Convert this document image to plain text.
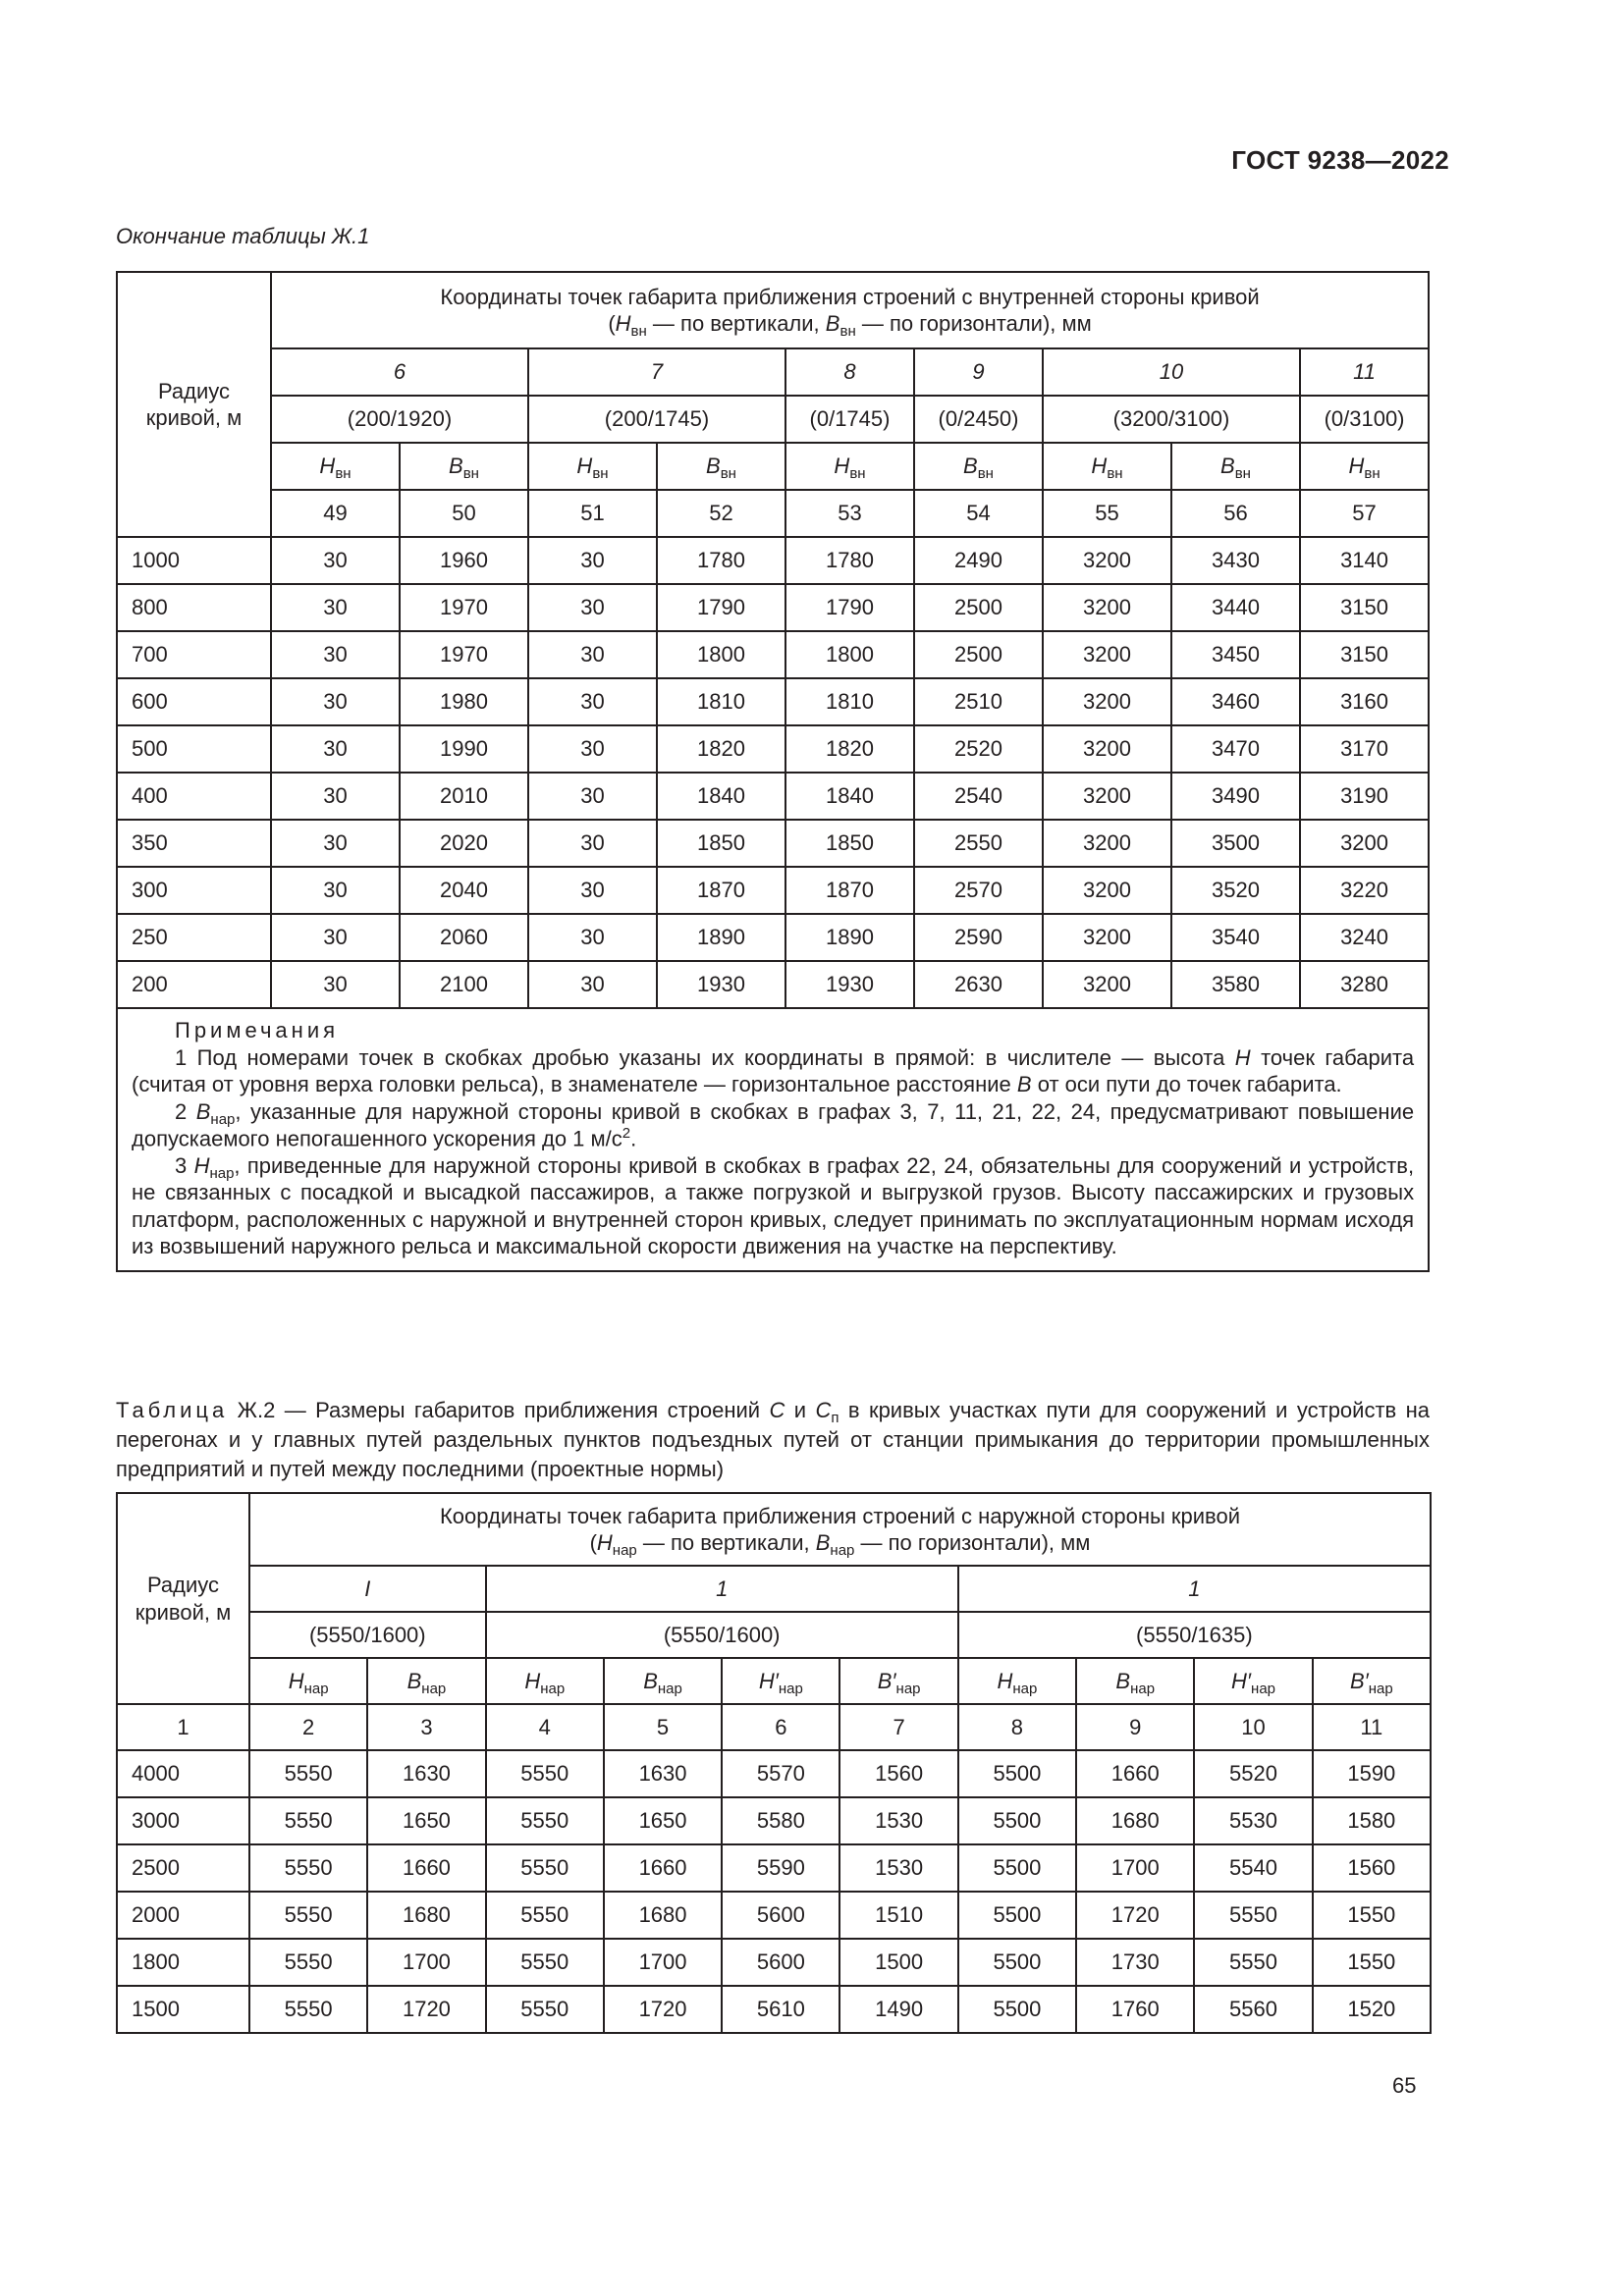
ГОСТ 9238—2022
Окончание таблицы Ж.1
Радиус кривой, м	Координаты точек габарита приближения строений с внутренней стороны кривой
($H_{вн}$ — по вертикали, $B_{вн}$ — по горизонтали), мм								

	6		7		8	9	10		11
	(200/1920)		(200/1745)		(0/1745)	(0/2450)	(3200/3100)		(0/3100)
	$H_{вн}$	$B_{вн}$	$H_{вн}$	$B_{вн}$	$H_{вн}$	$B_{вн}$	$H_{вн}$	$B_{вн}$	$H_{вн}$
	49	50	51	52	53	54	55	56	57
1000	30	1960	30	1780	1780	2490	3200	3430	3140
800	30	1970	30	1790	1790	2500	3200	3440	3150
700	30	1970	30	1800	1800	2500	3200	3450	3150
600	30	1980	30	1810	1810	2510	3200	3460	3160
500	30	1990	30	1820	1820	2520	3200	3470	3170
400	30	2010	30	1840	1840	2540	3200	3490	3190
350	30	2020	30	1850	1850	2550	3200	3500	3200
300	30	2040	30	1870	1870	2570	3200	3520	3220
250	30	2060	30	1890	1890	2590	3200	3540	3240
200	30	2100	30	1930	1930	2630	3200	3580	3280

Примечания

1 Под номерами точек в скобках дробью указаны их координаты в прямой: в числителе — высота H точек габарита (считая от уровня верха головки рельса), в знаменателе — горизонтальное расстояние B от оси пути до точек габарита.

2 $B_{нар}$, указанные для наружной стороны кривой в скобках в графах 3, 7, 11, 21, 22, 24, предусматривают повышение допускаемого непогашенного ускорения до 1 $м/с^2$.

3 $H_{нар}$, приведенные для наружной стороны кривой в скобках в графах 22, 24, обязательны для сооружений и устройств, не связанных с посадкой и высадкой пассажиров, а также погрузкой и выгрузкой грузов. Высоту пассажирских и грузовых платформ, расположенных с наружной и внутренней сторон кривых, следует принимать по эксплуатационным нормам исходя из возвышений наружного рельса и максимальной скорости движения на участке на перспективу.									

Таблица Ж.2 — Размеры габаритов приближения строений C и $C_п$ в кривых участках пути для сооружений и устройств на перегонах и у главных путей раздельных пунктов подъездных путей от станции примыкания до территории промышленных предприятий и путей между последними (проектные нормы)
Радиус кривой, м	Координаты точек габарита приближения строений с наружной стороны кривой
($H_{нар}$ — по вертикали, $B_{нар}$ — по горизонтали), мм									

	I		1				1			
	(5550/1600)		(5550/1600)				(5550/1635)			
	$H_{нар}$	$B_{нар}$	$H_{нар}$	$B_{нар}$	$H'_{нар}$	$B'_{нар}$	$H_{нар}$	$B_{нар}$	$H'_{нар}$	$B'_{нар}$
1	2	3	4	5	6	7	8	9	10	11
4000	5550	1630	5550	1630	5570	1560	5500	1660	5520	1590
3000	5550	1650	5550	1650	5580	1530	5500	1680	5530	1580
2500	5550	1660	5550	1660	5590	1530	5500	1700	5540	1560
2000	5550	1680	5550	1680	5600	1510	5500	1720	5550	1550
1800	5550	1700	5550	1700	5600	1500	5500	1730	5550	1550
1500	5550	1720	5550	1720	5610	1490	5500	1760	5560	1520
65
